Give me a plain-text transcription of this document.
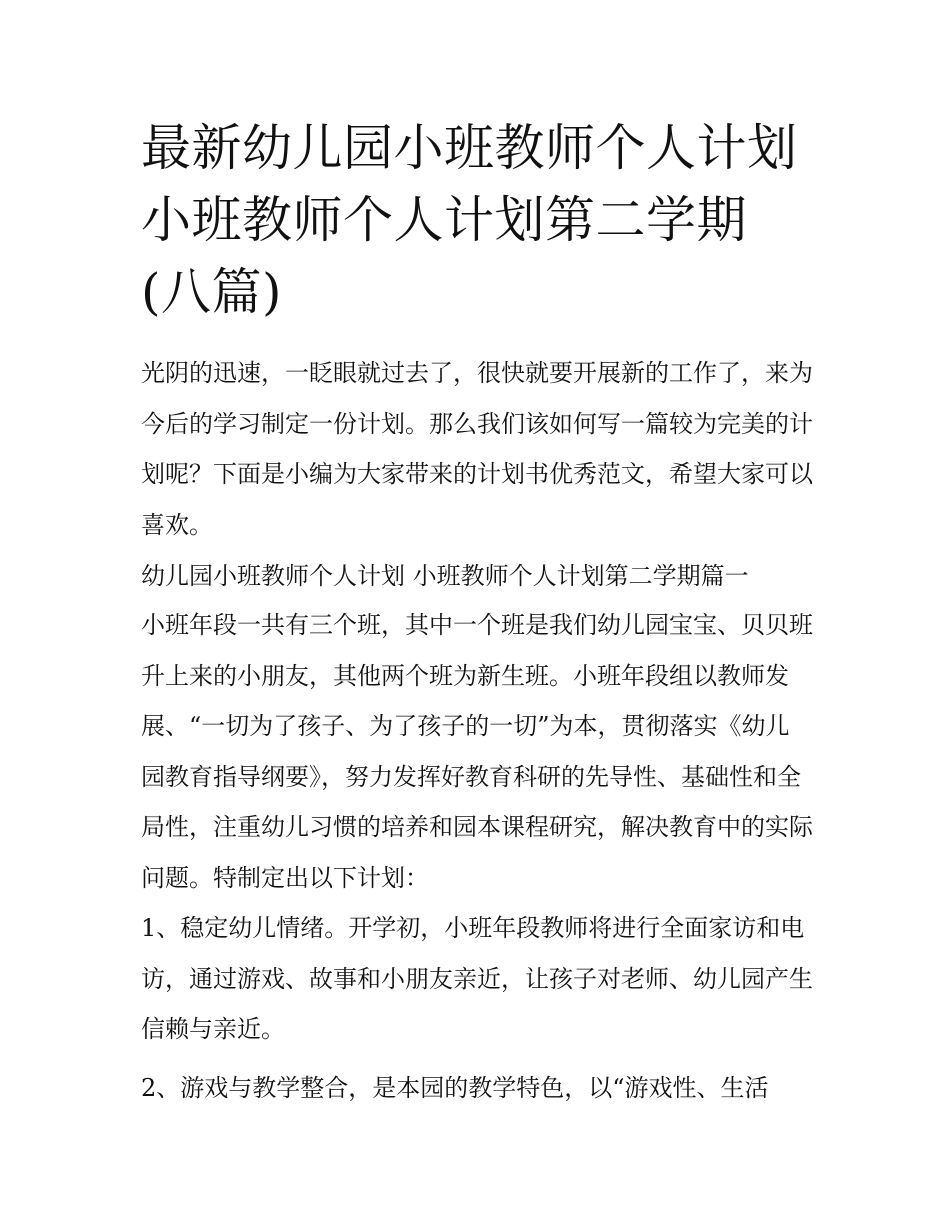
最新幼儿园小班教师个人计划 小班教师个人计划第二学期(八篇)
光阴的迅速，一眨眼就过去了，很快就要开展新的工作了，来为今后的学习制定一份计划。那么我们该如何写一篇较为完美的计划呢？下面是小编为大家带来的计划书优秀范文，希望大家可以喜欢。
幼儿园小班教师个人计划 小班教师个人计划第二学期篇一
小班年段一共有三个班，其中一个班是我们幼儿园宝宝、贝贝班升上来的小朋友，其他两个班为新生班。小班年段组以教师发展、“一切为了孩子、为了孩子的一切”为本，贯彻落实《幼儿园教育指导纲要》，努力发挥好教育科研的先导性、基础性和全局性，注重幼儿习惯的培养和园本课程研究，解决教育中的实际问题。特制定出以下计划：
1、稳定幼儿情绪。开学初，小班年段教师将进行全面家访和电访，通过游戏、故事和小朋友亲近，让孩子对老师、幼儿园产生信赖与亲近。
2、游戏与教学整合，是本园的教学特色，以“游戏性、生活
